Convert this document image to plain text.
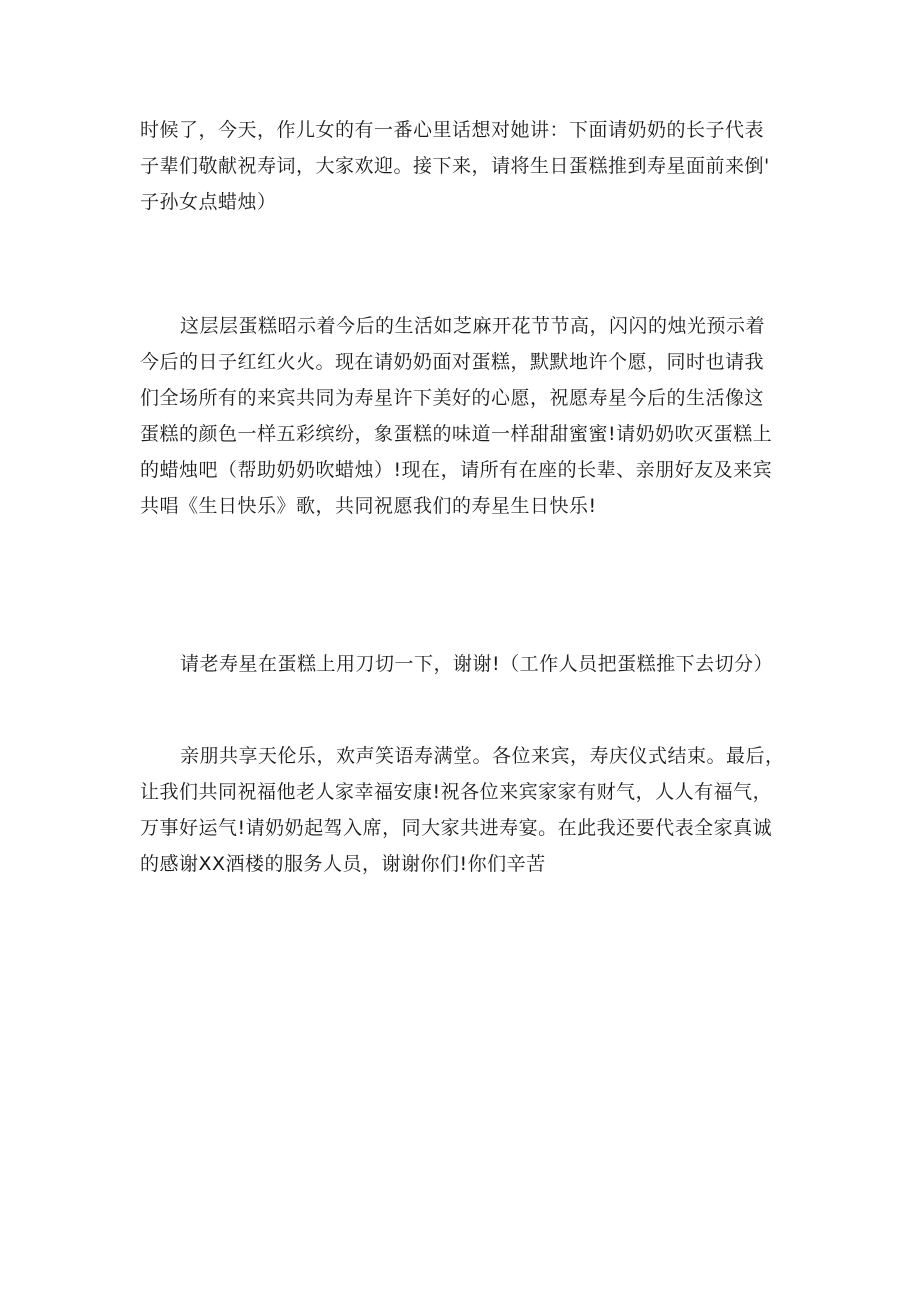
时候了，今天，作儿女的有一番心里话想对她讲：下面请奶奶的长子代表
子辈们敬献祝寿词，大家欢迎。接下来，请将生日蛋糕推到寿星面前来倒'
子孙女点蜡烛）
这层层蛋糕昭示着今后的生活如芝麻开花节节高，闪闪的烛光预示着
今后的日子红红火火。现在请奶奶面对蛋糕，默默地许个愿，同时也请我
们全场所有的来宾共同为寿星许下美好的心愿，祝愿寿星今后的生活像这
蛋糕的颜色一样五彩缤纷，象蛋糕的味道一样甜甜蜜蜜!请奶奶吹灭蛋糕上
的蜡烛吧（帮助奶奶吹蜡烛）!现在，请所有在座的长辈、亲朋好友及来宾
共唱《生日快乐》歌，共同祝愿我们的寿星生日快乐!
请老寿星在蛋糕上用刀切一下，谢谢!（工作人员把蛋糕推下去切分）
亲朋共享天伦乐，欢声笑语寿满堂。各位来宾，寿庆仪式结束。最后，
让我们共同祝福他老人家幸福安康!祝各位来宾家家有财气，人人有福气，
万事好运气!请奶奶起驾入席，同大家共进寿宴。在此我还要代表全家真诚
的感谢XX酒楼的服务人员，谢谢你们!你们辛苦
